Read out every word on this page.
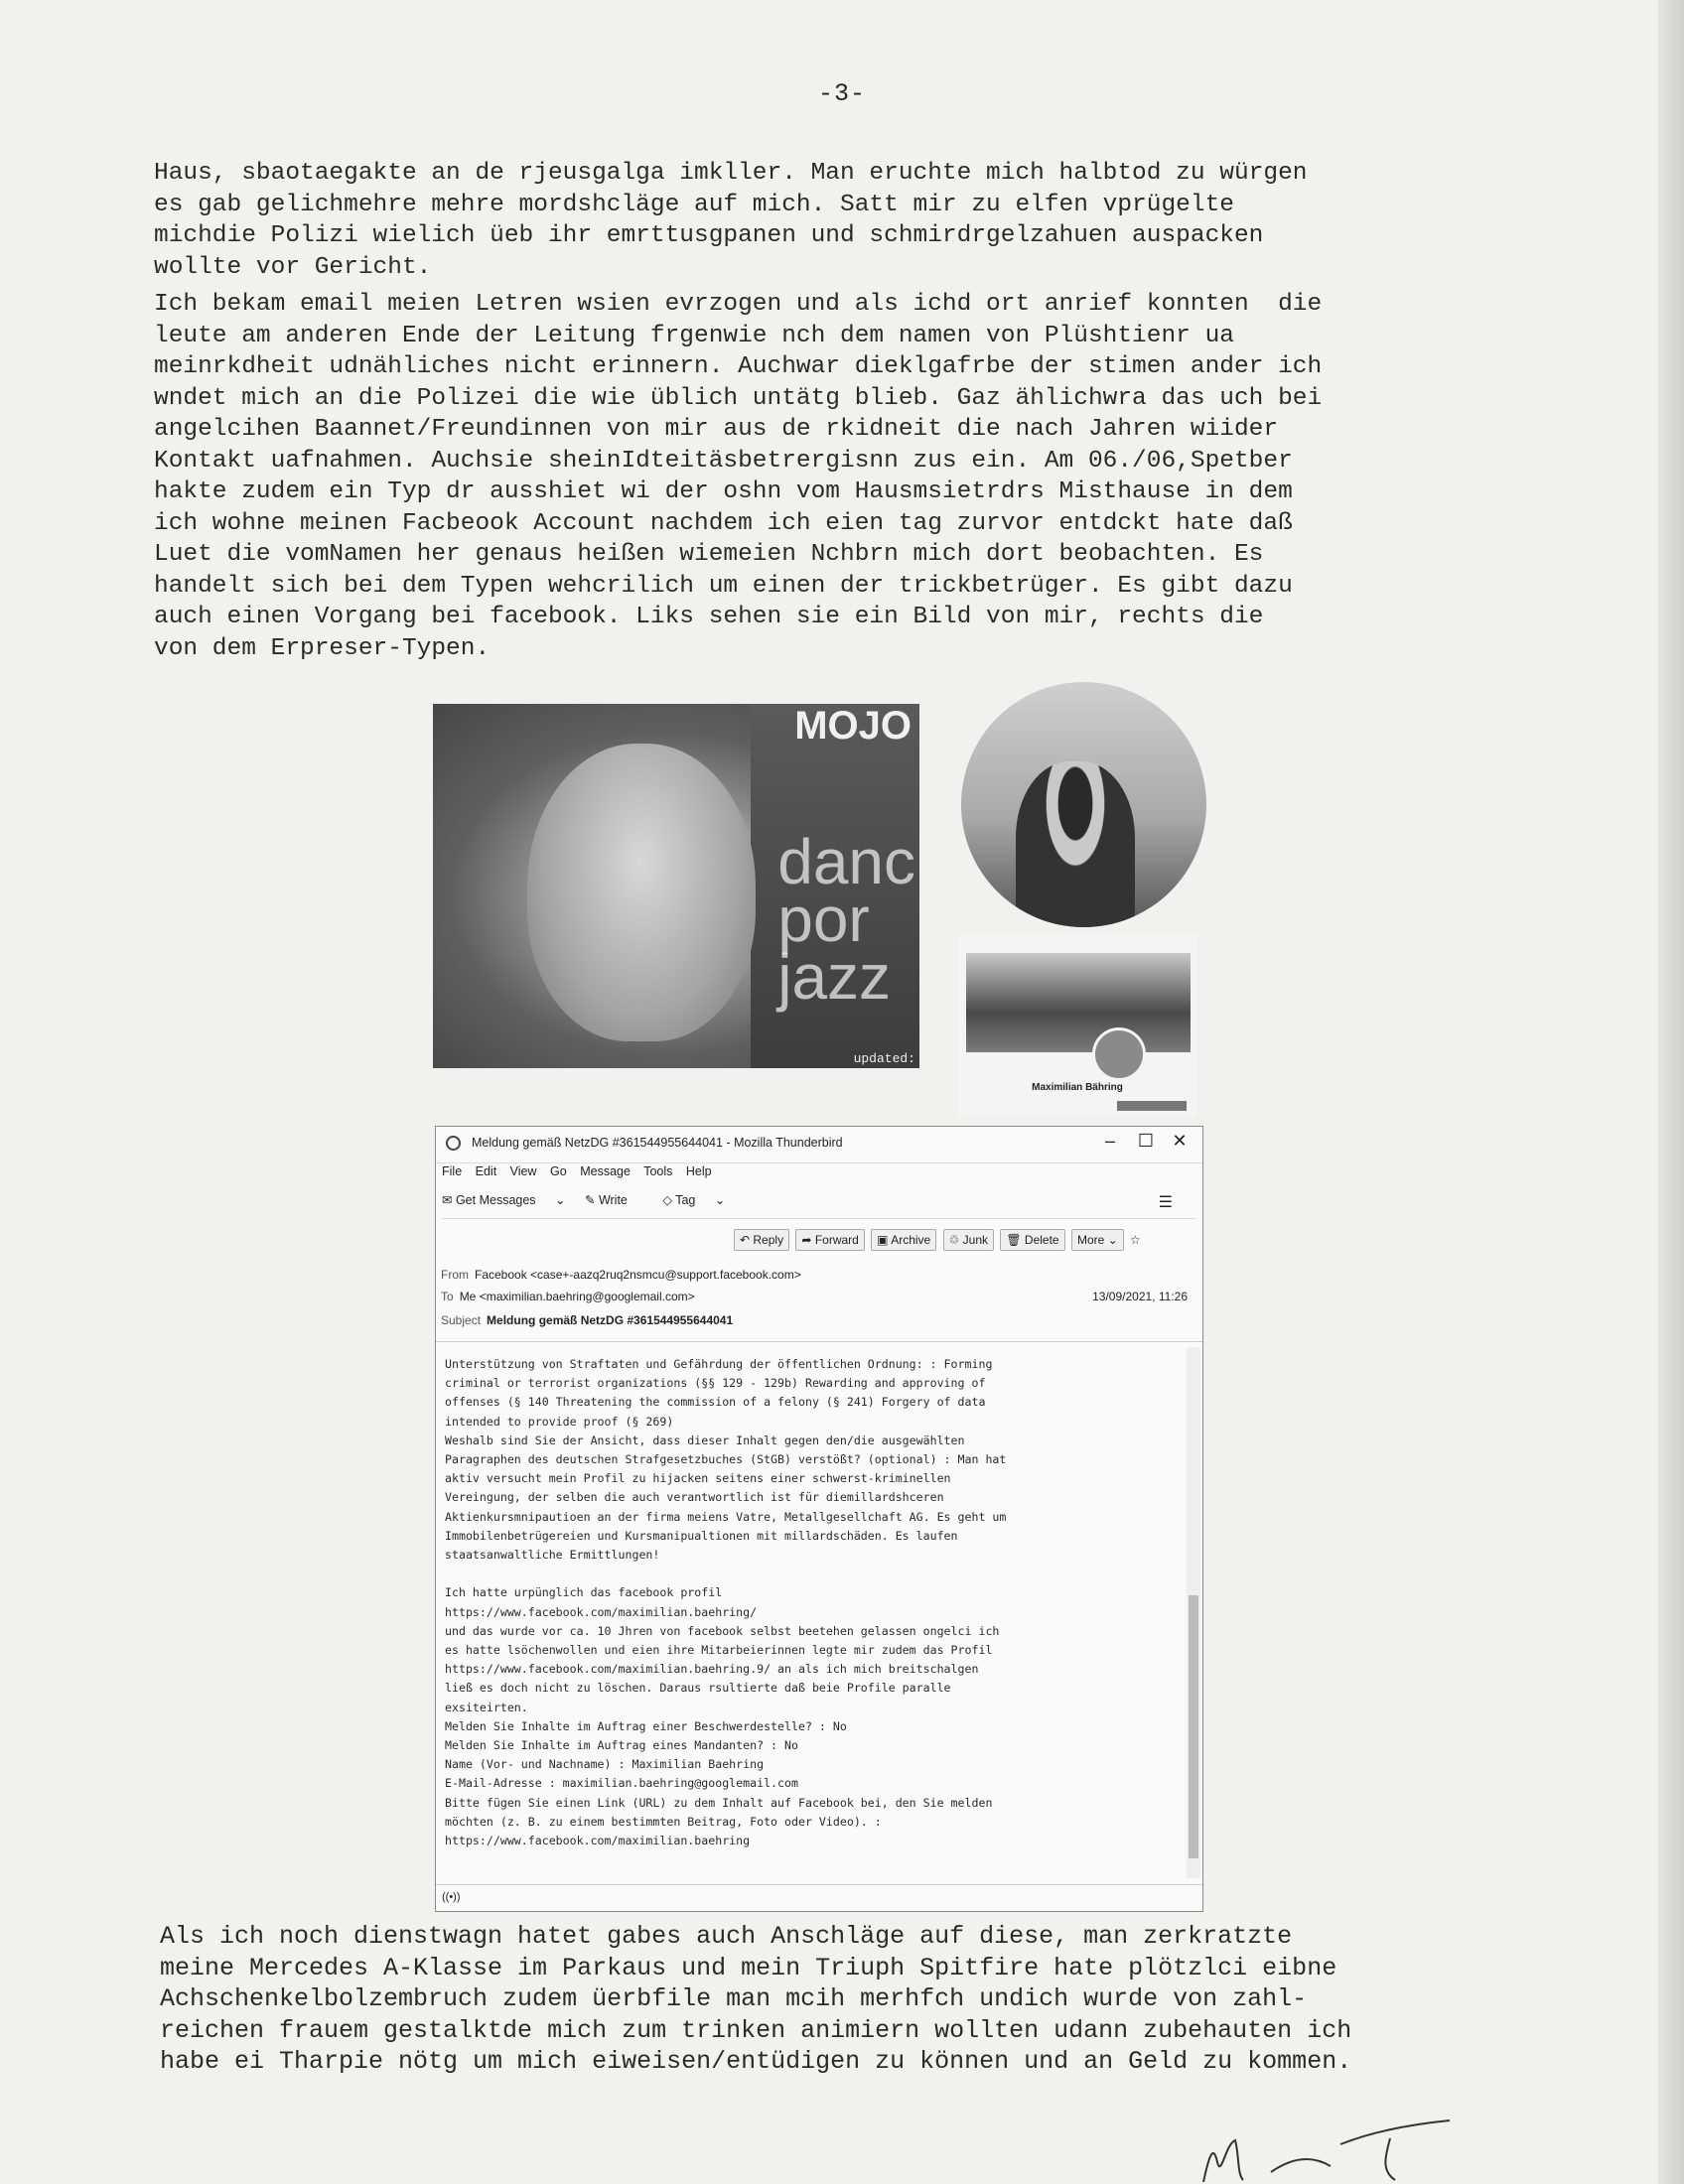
-3-

Haus, sbaotaegakte an de rjeusgalga imkller. Man eruchte mich halbtod zu würgen
es gab gelichmehre mehre mordshcläge auf mich. Satt mir zu elfen vprügelte
michdie Polizi wielich üeb ihr emrttusgpanen und schmirdrgelzahuen auspacken
wollte vor Gericht.

Ich bekam email meien Letren wsien evrzogen und als ichd ort anrief konnten  die
leute am anderen Ende der Leitung frgenwie nch dem namen von Plüshtienr ua
meinrkdheit udnähliches nicht erinnern. Auchwar dieklgafrbe der stimen ander ich
wndet mich an die Polizei die wie üblich untätg blieb. Gaz ählichwra das uch bei
angelcihen Baannet/Freundinnen von mir aus de rkidneit die nach Jahren wiider
Kontakt uafnahmen. Auchsie sheinIdteitäsbetrergisnn zus ein. Am 06./06,Spetber
hakte zudem ein Typ dr ausshiet wi der oshn vom Hausmsietrdrs Misthause in dem
ich wohne meinen Facbeook Account nachdem ich eien tag zurvor entdckt hate daß
Luet die vomNamen her genaus heißen wiemeien Nchbrn mich dort beobachten. Es
handelt sich bei dem Typen wehcrilich um einen der trickbetrüger. Es gibt dazu
auch einen Vorgang bei facebook. Liks sehen sie ein Bild von mir, rechts die
von dem Erpreser-Typen.

MOJO
danc
por
jazz
updated:
Maximilian Bähring
Meldung gemäß NetzDG #361544955644041 - Mozilla Thunderbird	–	☐	✕
File Edit View Go Message Tools Help
✉ Get Messages ⌄ ✎ Write	◇ Tag ⌄	☰
↶ Reply ➦ Forward ▣ Archive ♲ Junk 🗑 Delete More ⌄ ☆
From Facebook <case+-aazq2ruq2nsmcu@support.facebook.com>
To Me <maximilian.baehring@googlemail.com>	13/09/2021, 11:26
Subject Meldung gemäß NetzDG #361544955644041
Unterstützung von Straftaten und Gefährdung der öffentlichen Ordnung: : Forming
criminal or terrorist organizations (§§ 129 - 129b) Rewarding and approving of
offenses (§ 140 Threatening the commission of a felony (§ 241) Forgery of data
intended to provide proof (§ 269)
Weshalb sind Sie der Ansicht, dass dieser Inhalt gegen den/die ausgewählten
Paragraphen des deutschen Strafgesetzbuches (StGB) verstößt? (optional) : Man hat
aktiv versucht mein Profil zu hijacken seitens einer schwerst-kriminellen
Vereingung, der selben die auch verantwortlich ist für diemillardshceren
Aktienkursmnipautioen an der firma meiens Vatre, Metallgesellchaft AG. Es geht um
Immobilenbetrügereien und Kursmanipualtionen mit millardschäden. Es laufen
staatsanwaltliche Ermittlungen!

Ich hatte urpünglich das facebook profil
https://www.facebook.com/maximilian.baehring/
und das wurde vor ca. 10 Jhren von facebook selbst beetehen gelassen ongelci ich
es hatte lsöchenwollen und eien ihre Mitarbeierinnen legte mir zudem das Profil
https://www.facebook.com/maximilian.baehring.9/ an als ich mich breitschalgen
ließ es doch nicht zu löschen. Daraus rsultierte daß beie Profile paralle
exsiteirten.
Melden Sie Inhalte im Auftrag einer Beschwerdestelle? : No
Melden Sie Inhalte im Auftrag eines Mandanten? : No
Name (Vor- und Nachname) : Maximilian Baehring
E-Mail-Adresse : maximilian.baehring@googlemail.com
Bitte fügen Sie einen Link (URL) zu dem Inhalt auf Facebook bei, den Sie melden
möchten (z. B. zu einem bestimmten Beitrag, Foto oder Video). :
https://www.facebook.com/maximilian.baehring
((•))

Als ich noch dienstwagn hatet gabes auch Anschläge auf diese, man zerkratzte
meine Mercedes A-Klasse im Parkaus und mein Triuph Spitfire hate plötzlci eibne
Achschenkelbolzembruch zudem üerbfile man mcih merhfch undich wurde von zahl-
reichen frauem gestalktde mich zum trinken animiern wollten udann zubehauten ich
habe ei Tharpie nötg um mich eiweisen/entüdigen zu können und an Geld zu kommen.
